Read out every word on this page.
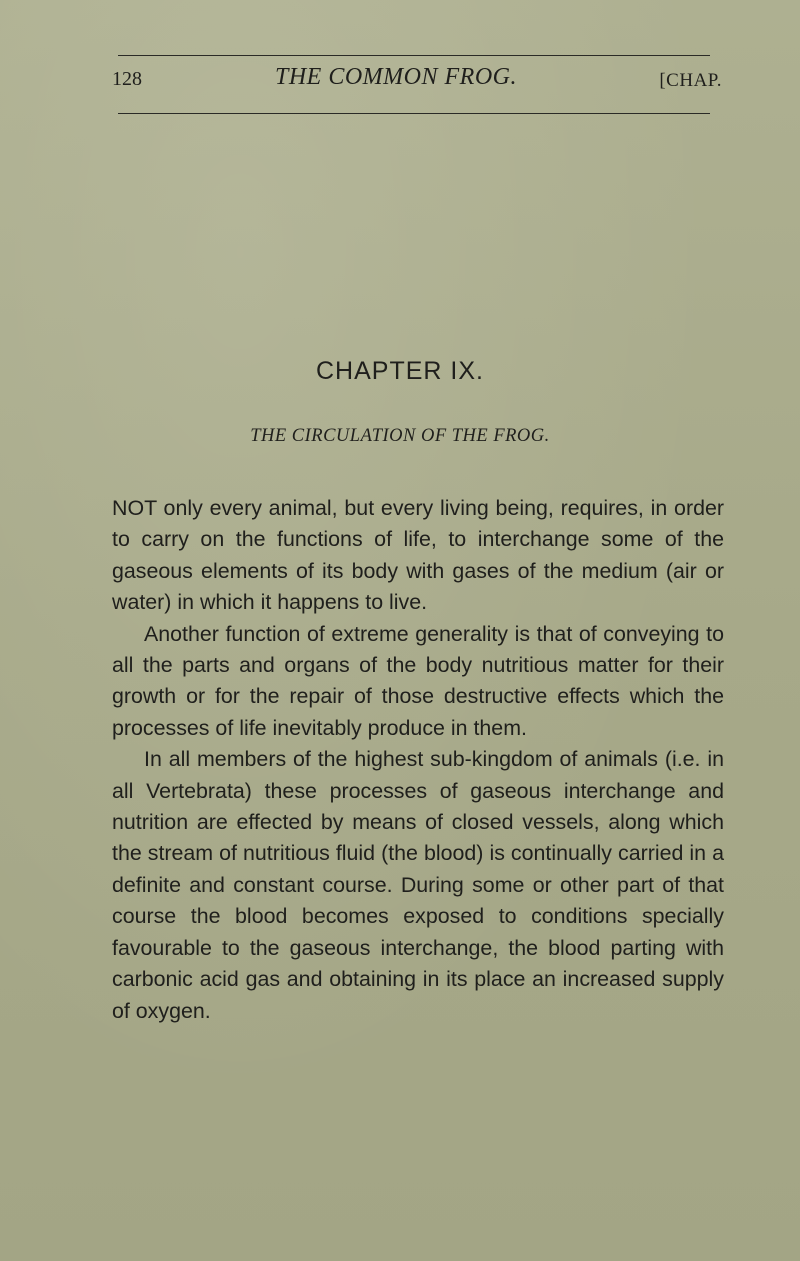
128	THE COMMON FROG.	[CHAP.
CHAPTER IX.
THE CIRCULATION OF THE FROG.

NOT only every animal, but every living being, requires, in order to carry on the functions of life, to interchange some of the gaseous elements of its body with gases of the medium (air or water) in which it happens to live.

Another function of extreme generality is that of conveying to all the parts and organs of the body nutritious matter for their growth or for the repair of those destructive effects which the processes of life inevitably produce in them.

In all members of the highest sub-kingdom of animals (i.e. in all Vertebrata) these processes of gaseous interchange and nutrition are effected by means of closed vessels, along which the stream of nutritious fluid (the blood) is continually carried in a definite and constant course. During some or other part of that course the blood becomes exposed to conditions specially favourable to the gaseous interchange, the blood parting with carbonic acid gas and obtaining in its place an increased supply of oxygen.
